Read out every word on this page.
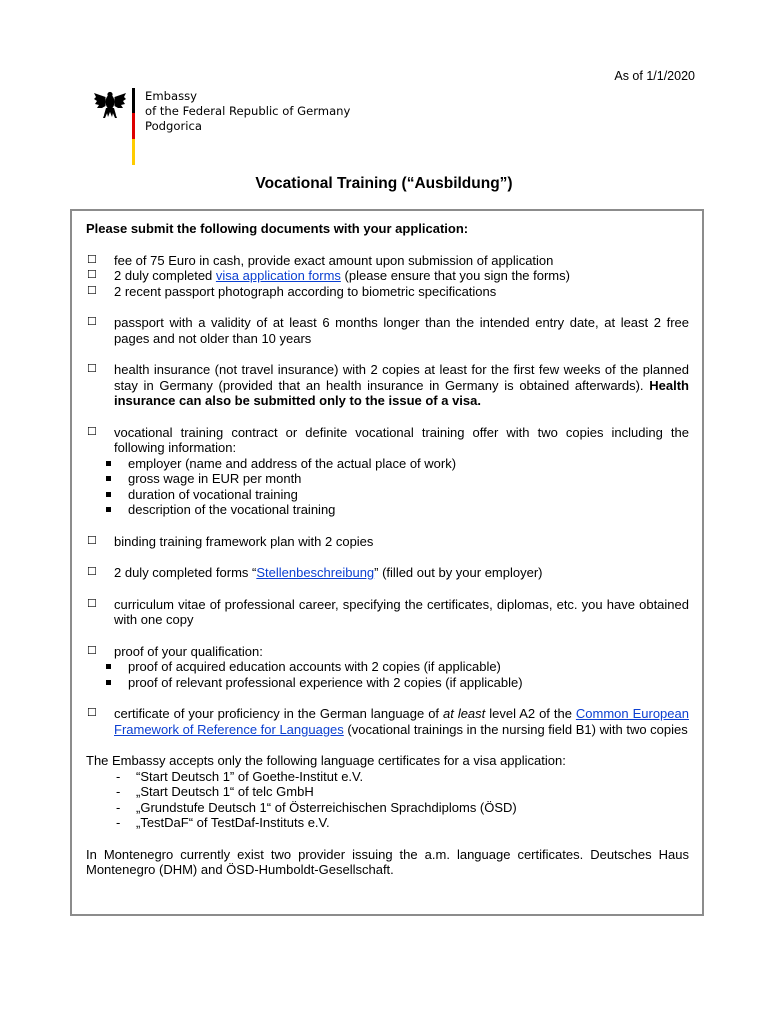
As of 1/1/2020
Embassy
of the Federal Republic of Germany
Podgorica
Vocational Training (“Ausbildung”)
Please submit the following documents with your application:
☐ fee of 75 Euro in cash, provide exact amount upon submission of application
☐ 2 duly completed visa application forms (please ensure that you sign the forms)
☐ 2 recent passport photograph according to biometric specifications
☐ passport with a validity of at least 6 months longer than the intended entry date, at least 2 free pages and not older than 10 years
☐ health insurance (not travel insurance) with 2 copies at least for the first few weeks of the planned stay in Germany (provided that an health insurance in Germany is obtained afterwards). Health insurance can also be submitted only to the issue of a visa.
☐ vocational training contract or definite vocational training offer with two copies including the following information:
employer (name and address of the actual place of work)
gross wage in EUR per month
duration of vocational training
description of the vocational training
☐ binding training framework plan with 2 copies
☐ 2 duly completed forms “Stellenbeschreibung” (filled out by your employer)
☐ curriculum vitae of professional career, specifying the certificates, diplomas, etc. you have obtained with one copy
☐ proof of your qualification:
proof of acquired education accounts with 2 copies (if applicable)
proof of relevant professional experience with 2 copies (if applicable)
☐ certificate of your proficiency in the German language of at least level A2 of the Common European Framework of Reference for Languages (vocational trainings in the nursing field B1) with two copies
The Embassy accepts only the following language certificates for a visa application:
- “Start Deutsch 1” of Goethe-Institut e.V.
- „Start Deutsch 1“ of telc GmbH
- „Grundstufe Deutsch 1“ of Österreichischen Sprachdiploms (ÖSD)
- „TestDaF“ of TestDaf-Instituts e.V.
In Montenegro currently exist two provider issuing the a.m. language certificates. Deutsches Haus Montenegro (DHM) and ÖSD-Humboldt-Gesellschaft.
